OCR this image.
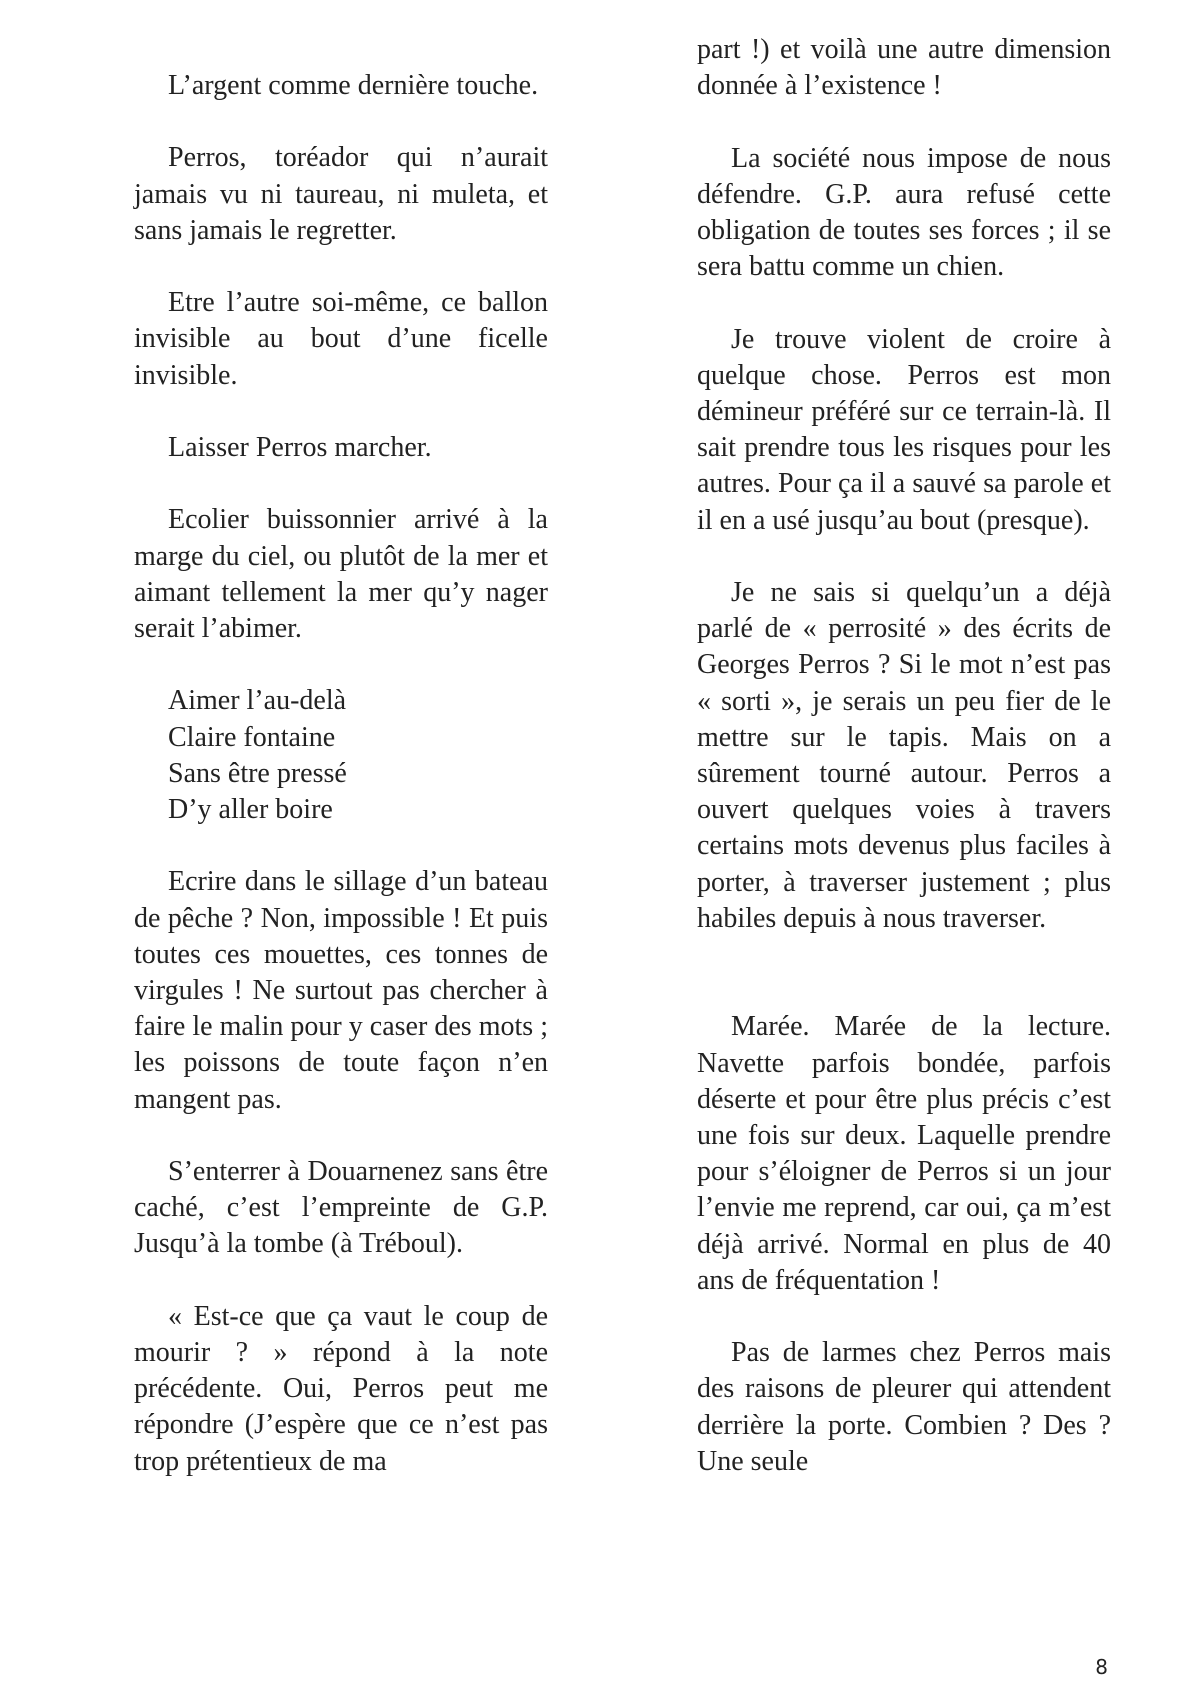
L’argent comme dernière touche.

Perros, toréador qui n’aurait jamais vu ni taureau, ni muleta, et sans jamais le regretter.

Etre l’autre soi-même, ce ballon invisible au bout d’une ficelle invisible.

Laisser Perros marcher.

Ecolier buissonnier arrivé à la marge du ciel, ou plutôt de la mer et aimant tellement la mer qu’y nager serait l’abimer.

Aimer l’au-delà
Claire fontaine
Sans être pressé
D’y aller boire

Ecrire dans le sillage d’un bateau de pêche ? Non, impossible ! Et puis toutes ces mouettes, ces tonnes de virgules ! Ne surtout pas chercher à faire le malin pour y caser des mots ; les poissons de toute façon n’en mangent pas.

S’enterrer à Douarnenez sans être caché, c’est l’empreinte de G.P. Jusqu’à la tombe (à Tréboul).

« Est-ce que ça vaut le coup de mourir ? » répond à la note précédente. Oui, Perros peut me répondre (J’espère que ce n’est pas trop prétentieux de ma

part !) et voilà une autre dimension donnée à l’existence !

La société nous impose de nous défendre. G.P. aura refusé cette obligation de toutes ses forces ; il se sera battu comme un chien.

Je trouve violent de croire à quelque chose. Perros est mon démineur préféré sur ce terrain-là. Il sait prendre tous les risques pour les autres. Pour ça il a sauvé sa parole et il en a usé jusqu’au bout (presque).

Je ne sais si quelqu’un a déjà parlé de « perrosité » des écrits de Georges Perros ? Si le mot n’est pas « sorti », je serais un peu fier de le mettre sur le tapis. Mais on a sûrement tourné autour. Perros a ouvert quelques voies à travers certains mots devenus plus faciles à porter, à traverser justement ; plus habiles depuis à nous traverser.

Marée. Marée de la lecture. Navette parfois bondée, parfois déserte et pour être plus précis c’est une fois sur deux. Laquelle prendre pour s’éloigner de Perros si un jour l’envie me reprend, car oui, ça m’est déjà arrivé. Normal en plus de 40 ans de fréquentation !

Pas de larmes chez Perros mais des raisons de pleurer qui attendent derrière la porte. Combien ? Des ? Une seule

8
